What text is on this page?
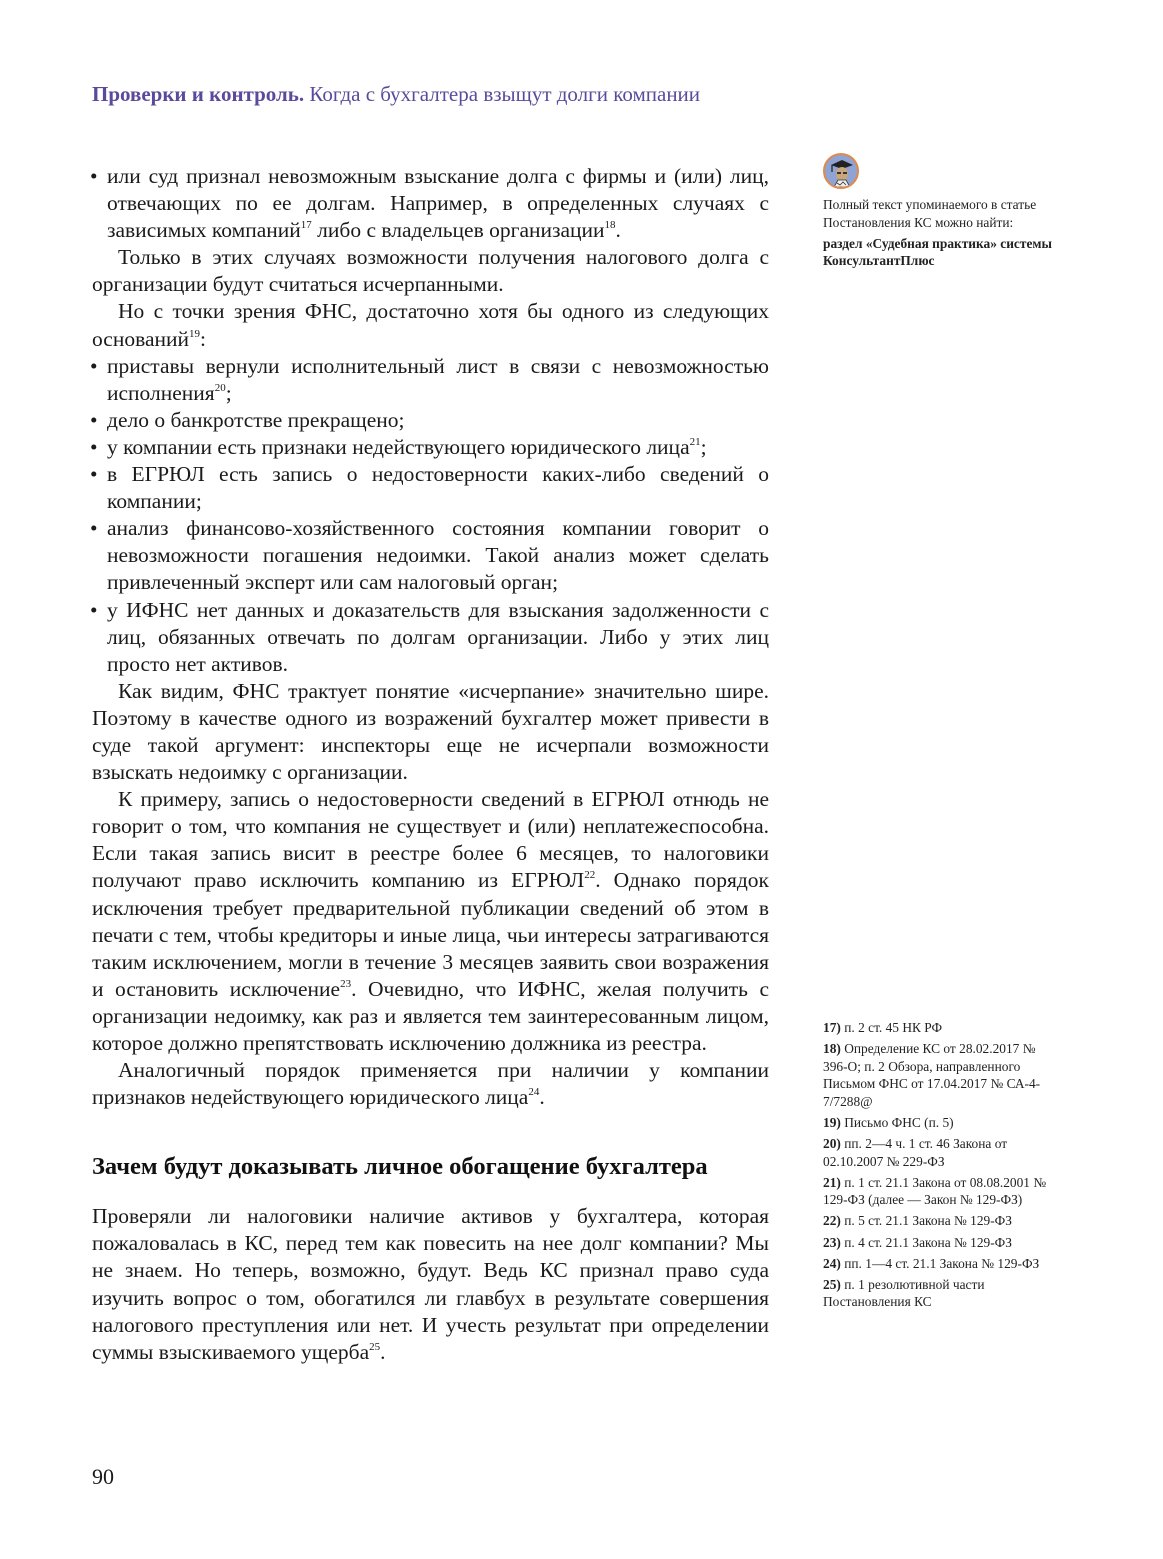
Проверки и контроль. Когда с бухгалтера взыщут долги компании
• или суд признал невозможным взыскание долга с фирмы и (или) лиц, отвечающих по ее долгам. Например, в определенных случаях с зависимых компаний$^{17}$ либо с владельцев организации$^{18}$.

Только в этих случаях возможности получения налогового долга с организации будут считаться исчерпанными.

Но с точки зрения ФНС, достаточно хотя бы одного из следующих оснований$^{19}$:

• приставы вернули исполнительный лист в связи с невозможностью исполнения$^{20}$;
• дело о банкротстве прекращено;
• у компании есть признаки недействующего юридического лица$^{21}$;
• в ЕГРЮЛ есть запись о недостоверности каких-либо сведений о компании;
• анализ финансово-хозяйственного состояния компании говорит о невозможности погашения недоимки. Такой анализ может сделать привлеченный эксперт или сам налоговый орган;
• у ИФНС нет данных и доказательств для взыскания задолженности с лиц, обязанных отвечать по долгам организации. Либо у этих лиц просто нет активов.

Как видим, ФНС трактует понятие «исчерпание» значительно шире. Поэтому в качестве одного из возражений бухгалтер может привести в суде такой аргумент: инспекторы еще не исчерпали возможности взыскать недоимку с организации.

К примеру, запись о недостоверности сведений в ЕГРЮЛ отнюдь не говорит о том, что компания не существует и (или) неплатежеспособна. Если такая запись висит в реестре более 6 месяцев, то налоговики получают право исключить компанию из ЕГРЮЛ$^{22}$. Однако порядок исключения требует предварительной публикации сведений об этом в печати с тем, чтобы кредиторы и иные лица, чьи интересы затрагиваются таким исключением, могли в течение 3 месяцев заявить свои возражения и остановить исключение$^{23}$. Очевидно, что ИФНС, желая получить с организации недоимку, как раз и является тем заинтересованным лицом, которое должно препятствовать исключению должника из реестра.

Аналогичный порядок применяется при наличии у компании признаков недействующего юридического лица$^{24}$.

Зачем будут доказывать личное обогащение бухгалтера

Проверяли ли налоговики наличие активов у бухгалтера, которая пожаловалась в КС, перед тем как повесить на нее долг компании? Мы не знаем. Но теперь, возможно, будут. Ведь КС признал право суда изучить вопрос о том, обогатился ли главбух в результате совершения налогового преступления или нет. И учесть результат при определении суммы взыскиваемого ущерба$^{25}$.

Полный текст упоминаемого в статье Постановления КС можно найти:
раздел «Судебная практика» системы КонсультантПлюс
17) п. 2 ст. 45 НК РФ
18) Определение КС от 28.02.2017 № 396-О; п. 2 Обзора, направленного Письмом ФНС от 17.04.2017 № СА-4-7/7288@
19) Письмо ФНС (п. 5)
20) пп. 2—4 ч. 1 ст. 46 Закона от 02.10.2007 № 229-ФЗ
21) п. 1 ст. 21.1 Закона от 08.08.2001 № 129-ФЗ (далее — Закон № 129-ФЗ)
22) п. 5 ст. 21.1 Закона № 129-ФЗ
23) п. 4 ст. 21.1 Закона № 129-ФЗ
24) пп. 1—4 ст. 21.1 Закона № 129-ФЗ
25) п. 1 резолютивной части Постановления КС
90
